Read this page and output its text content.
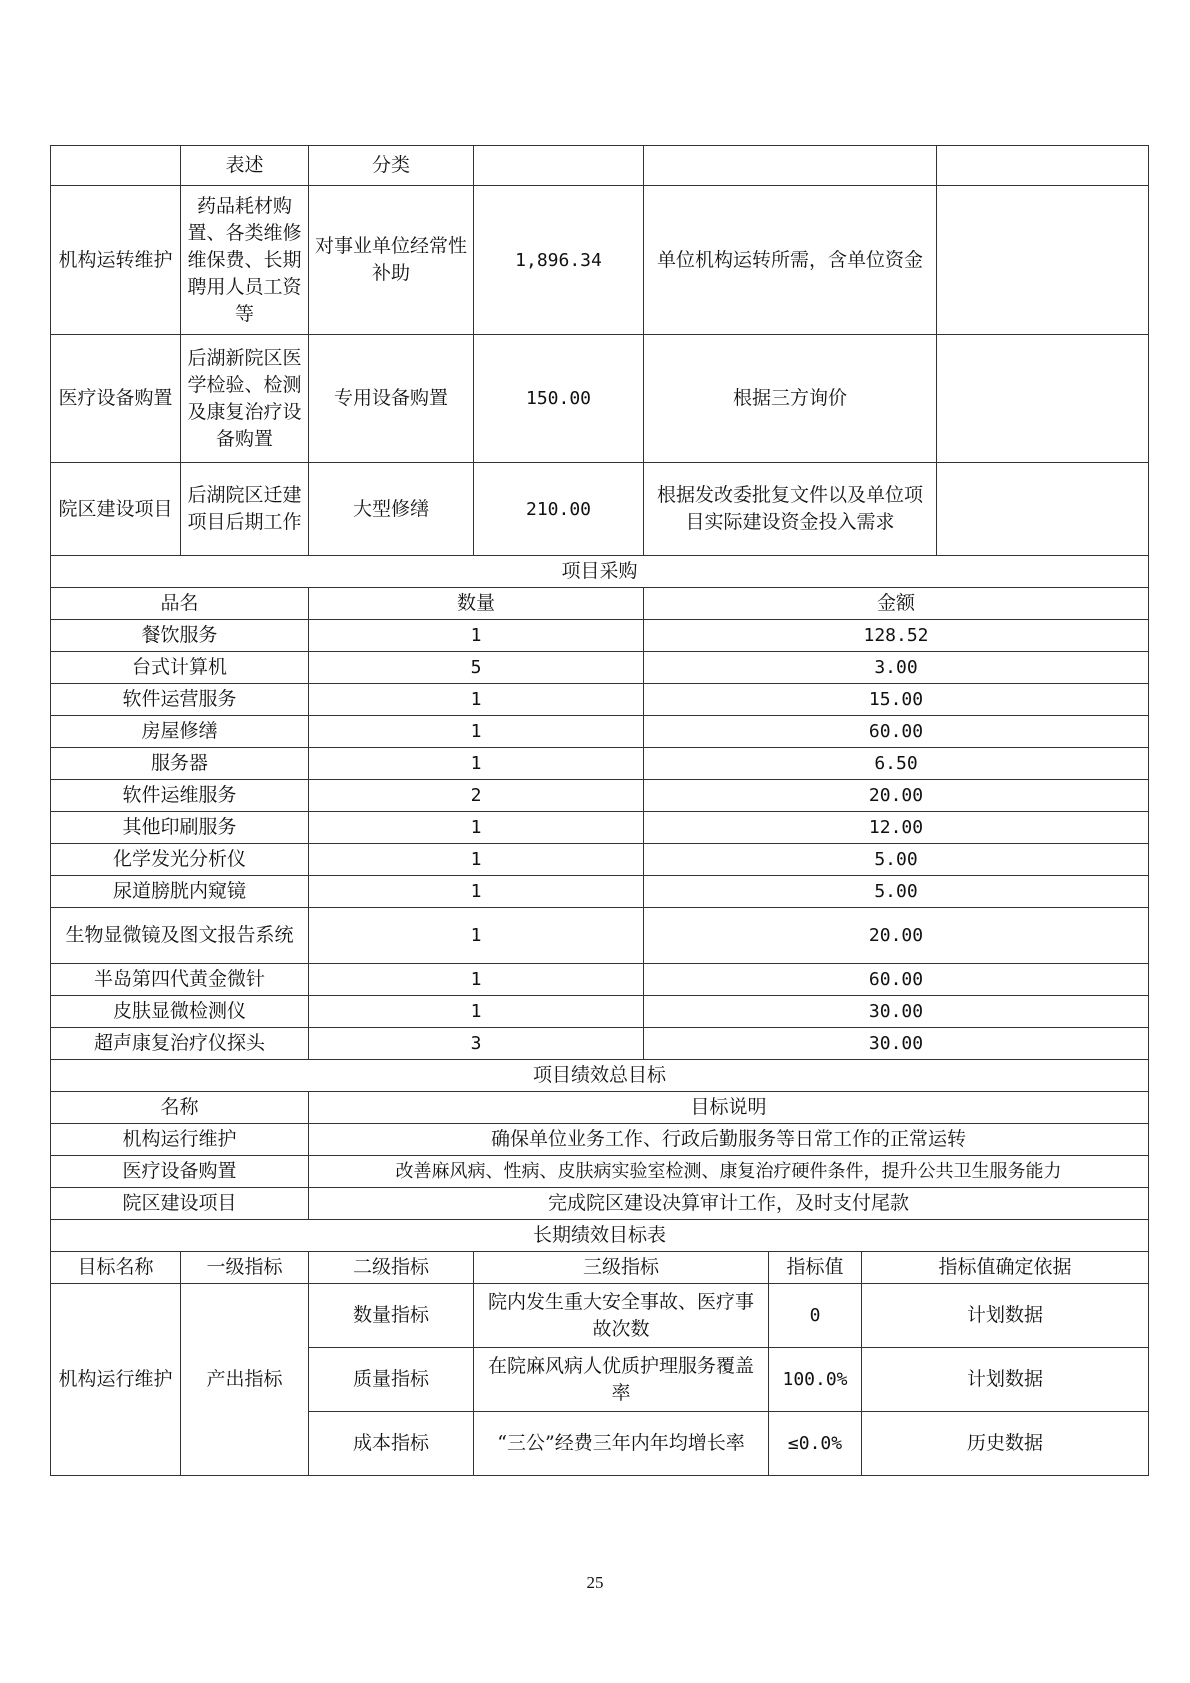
	表述	分类					
机构运转维护	药品耗材购置、各类维修维保费、长期聘用人员工资等	对事业单位经常性补助	1,896.34	单位机构运转所需，含单位资金			
医疗设备购置	后湖新院区医学检验、检测及康复治疗设备购置	专用设备购置	150.00	根据三方询价			
院区建设项目	后湖院区迁建项目后期工作	大型修缮	210.00	根据发改委批复文件以及单位项目实际建设资金投入需求			
项目采购							
品名		数量		金额			
餐饮服务		1		128.52			
台式计算机		5		3.00			
软件运营服务		1		15.00			
房屋修缮		1		60.00			
服务器		1		6.50			
软件运维服务		2		20.00			
其他印刷服务		1		12.00			
化学发光分析仪		1		5.00			
尿道膀胱内窥镜		1		5.00			
生物显微镜及图文报告系统		1		20.00			
半岛第四代黄金微针		1		60.00			
皮肤显微检测仪		1		30.00			
超声康复治疗仪探头		3		30.00			
项目绩效总目标							
名称		目标说明					
机构运行维护		确保单位业务工作、行政后勤服务等日常工作的正常运转					
医疗设备购置		改善麻风病、性病、皮肤病实验室检测、康复治疗硬件条件，提升公共卫生服务能力					
院区建设项目		完成院区建设决算审计工作，及时支付尾款					
长期绩效目标表							
目标名称	一级指标	二级指标	三级指标		指标值	指标值确定依据	
机构运行维护	产出指标	数量指标	院内发生重大安全事故、医疗事故次数		0	计划数据	
		质量指标	在院麻风病人优质护理服务覆盖率		100.0%	计划数据	
		成本指标	“三公”经费三年内年均增长率		≤0.0%	历史数据	
25
